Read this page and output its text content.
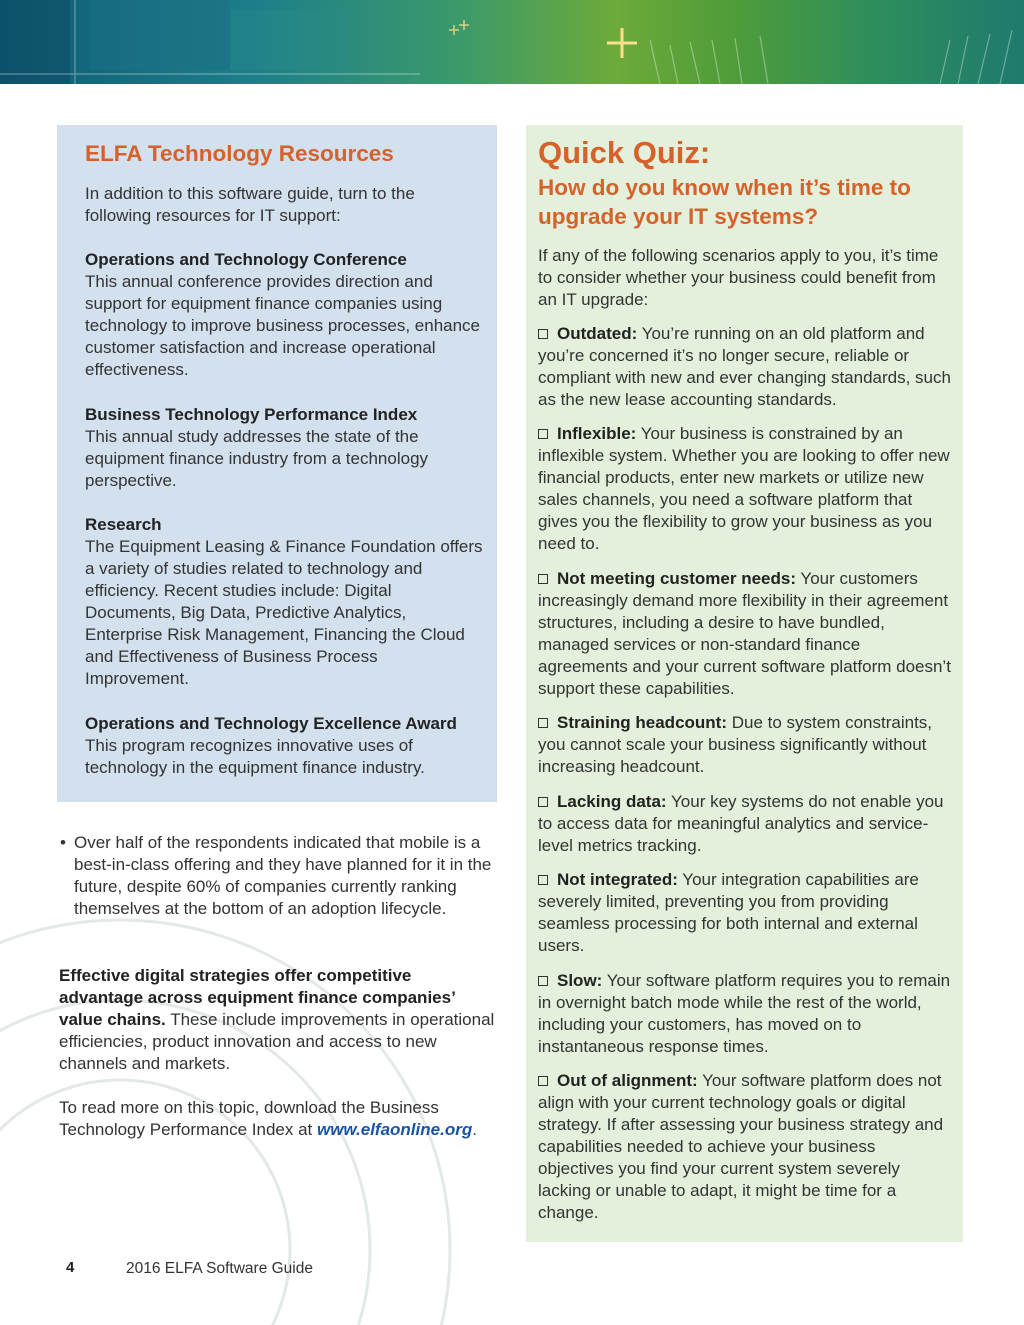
ELFA Technology Resources

In addition to this software guide, turn to the following resources for IT support:

Operations and Technology Conference
This annual conference provides direction and support for equipment finance companies using technology to improve business processes, enhance customer satisfaction and increase operational effectiveness.
Business Technology Performance Index
This annual study addresses the state of the equipment finance industry from a technology perspective.
Research
The Equipment Leasing & Finance Foundation offers a variety of studies related to technology and efficiency. Recent studies include: Digital Documents, Big Data, Predictive Analytics, Enterprise Risk Management, Financing the Cloud and Effectiveness of Business Process Improvement.
Operations and Technology Excellence Award
This program recognizes innovative uses of technology in the equipment finance industry.

• Over half of the respondents indicated that mobile is a best-in-class offering and they have planned for it in the future, despite 60% of companies currently ranking themselves at the bottom of an adoption lifecycle.

Effective digital strategies offer competitive advantage across equipment finance companies’ value chains. These include improvements in operational efficiencies, product innovation and access to new channels and markets.

To read more on this topic, download the Business Technology Performance Index at www.elfaonline.org.

Quick Quiz:
How do you know when it’s time to upgrade your IT systems?

If any of the following scenarios apply to you, it’s time to consider whether your business could benefit from an IT upgrade:

Outdated: You’re running on an old platform and you’re concerned it’s no longer secure, reliable or compliant with new and ever changing standards, such as the new lease accounting standards.

Inflexible: Your business is constrained by an inflexible system. Whether you are looking to offer new financial products, enter new markets or utilize new sales channels, you need a software platform that gives you the flexibility to grow your business as you need to.

Not meeting customer needs: Your customers increasingly demand more flexibility in their agreement structures, including a desire to have bundled, managed services or non-standard finance agreements and your current software platform doesn’t support these capabilities.

Straining headcount: Due to system constraints, you cannot scale your business significantly without increasing headcount.

Lacking data: Your key systems do not enable you to access data for meaningful analytics and service-level metrics tracking.

Not integrated: Your integration capabilities are severely limited, preventing you from providing seamless processing for both internal and external users.

Slow: Your software platform requires you to remain in overnight batch mode while the rest of the world, including your customers, has moved on to instantaneous response times.

Out of alignment: Your software platform does not align with your current technology goals or digital strategy. If after assessing your business strategy and capabilities needed to achieve your business objectives you find your current system severely lacking or unable to adapt, it might be time for a change.

4	2016 ELFA Software Guide
